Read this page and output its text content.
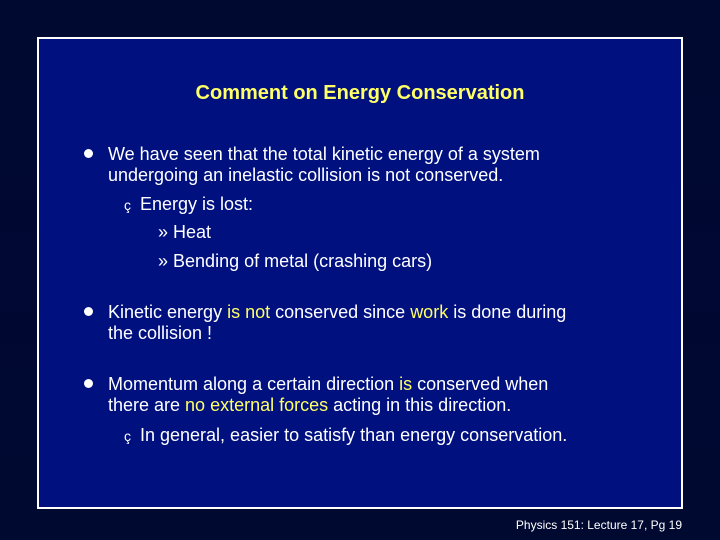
Comment on Energy Conservation
We have seen that the total kinetic energy of a system
undergoing an inelastic collision is not conserved.
ç Energy is lost:
» Heat
» Bending of metal (crashing cars)
Kinetic energy is not conserved since work is done during
the collision !
Momentum along a certain direction is conserved when
there are no external forces acting in this direction.
ç In general, easier to satisfy than energy conservation.
Physics 151: Lecture 17, Pg 19
